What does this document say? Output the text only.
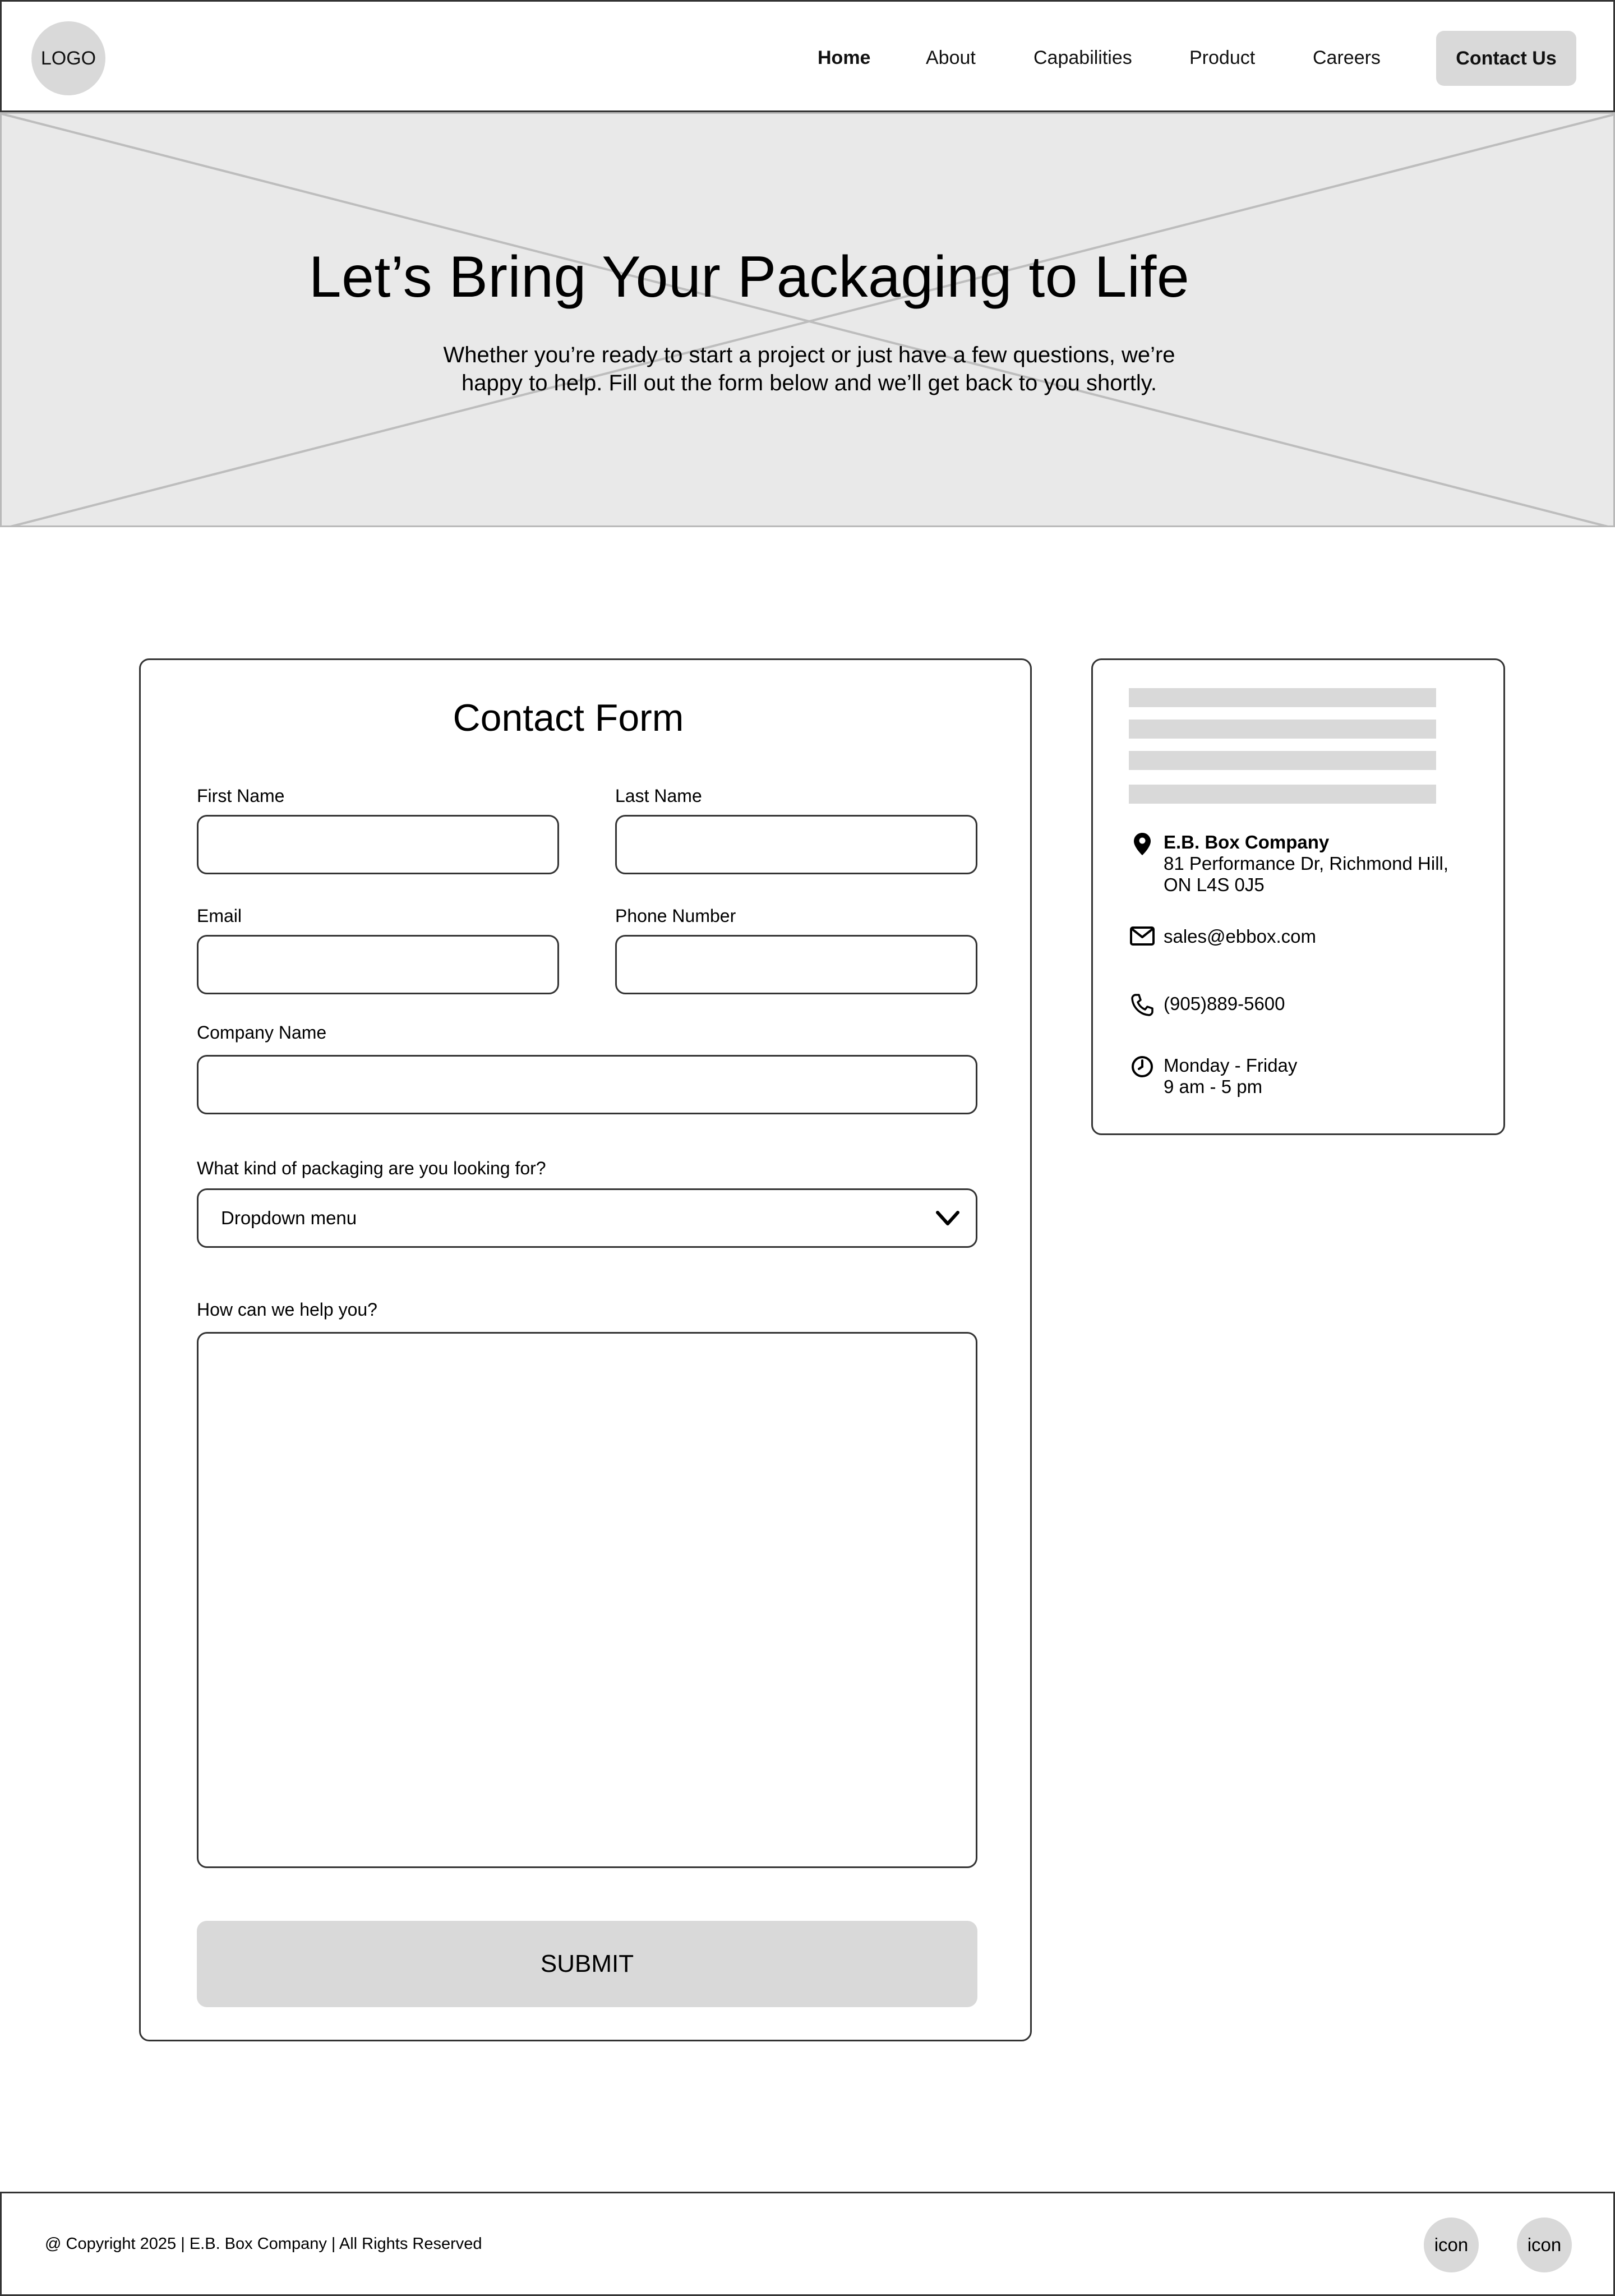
LOGO	Home	About	Capabilities	Product	Careers	Contact Us
Let’s Bring Your Packaging to Life
Whether you’re ready to start a project or just have a few questions, we’re
happy to help. Fill out the form below and we’ll get back to you shortly.
Contact Form
First Name	Last Name
Email	Phone Number
Company Name
What kind of packaging are you looking for?
Dropdown menu
How can we help you?
SUBMIT
E.B. Box Company
81 Performance Dr, Richmond Hill,
ON L4S 0J5
sales@ebbox.com
(905)889-5600
Monday - Friday
9 am - 5 pm
@ Copyright 2025 | E.B. Box Company | All Rights Reserved	icon	icon
